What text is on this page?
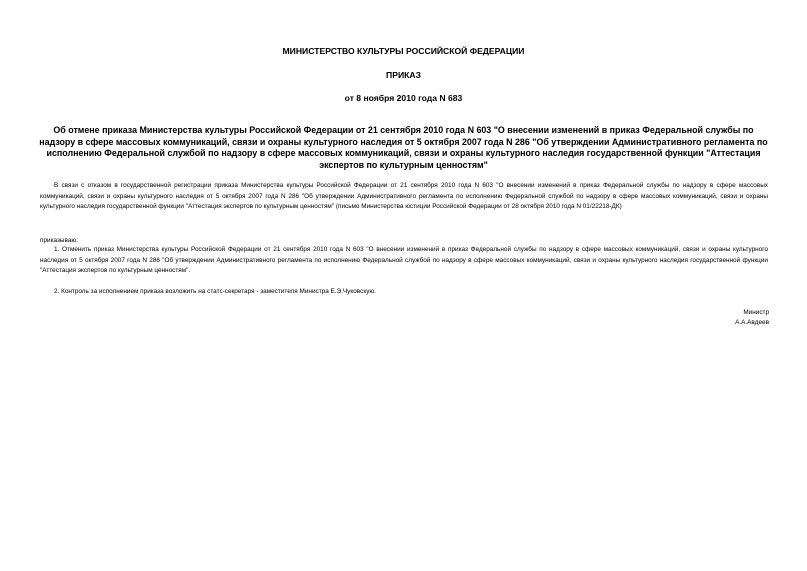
МИНИСТЕРСТВО КУЛЬТУРЫ РОССИЙСКОЙ ФЕДЕРАЦИИ

ПРИКАЗ

от 8 ноября 2010 года N 683

Об отмене приказа Министерства культуры Российской Федерации от 21 сентября 2010 года N 603 "О внесении изменений в приказ Федеральной службы по надзору в сфере массовых коммуникаций, связи и охраны культурного наследия от 5 октября 2007 года N 286 "Об утверждении Административного регламента по исполнению Федеральной службой по надзору в сфере массовых коммуникаций, связи и охраны культурного наследия государственной функции "Аттестация экспертов по культурным ценностям"

В связи с отказом в государственной регистрации приказа Министерства культуры Российской Федерации от 21 сентября 2010 года N 603 "О внесении изменений в приказ Федеральной службы по надзору в сфере массовых коммуникаций, связи и охраны культурного наследия от 5 октября 2007 года N 286 "Об утверждении Административного регламента по исполнению Федеральной службой по надзору в сфере массовых коммуникаций, связи и охраны культурного наследия государственной функции "Аттестация экспертов по культурным ценностям" (письмо Министерства юстиции Российской Федерации от 28 октября 2010 года N 01/22218-ДК)

приказываю:

1. Отменить приказ Министерства культуры Российской Федерации от 21 сентября 2010 года N 603 "О внесении изменений в приказ Федеральной службы по надзору в сфере массовых коммуникаций, связи и охраны культурного наследия от 5 октября 2007 года N 286 "Об утверждении Административного регламента по исполнению Федеральной службой по надзору в сфере массовых коммуникаций, связи и охраны культурного наследия государственной функции "Аттестация экспертов по культурным ценностям".

2. Контроль за исполнением приказа возложить на статс-секретаря - заместителя Министра Е.Э.Чуковскую.

Министр

А.А.Авдеев
